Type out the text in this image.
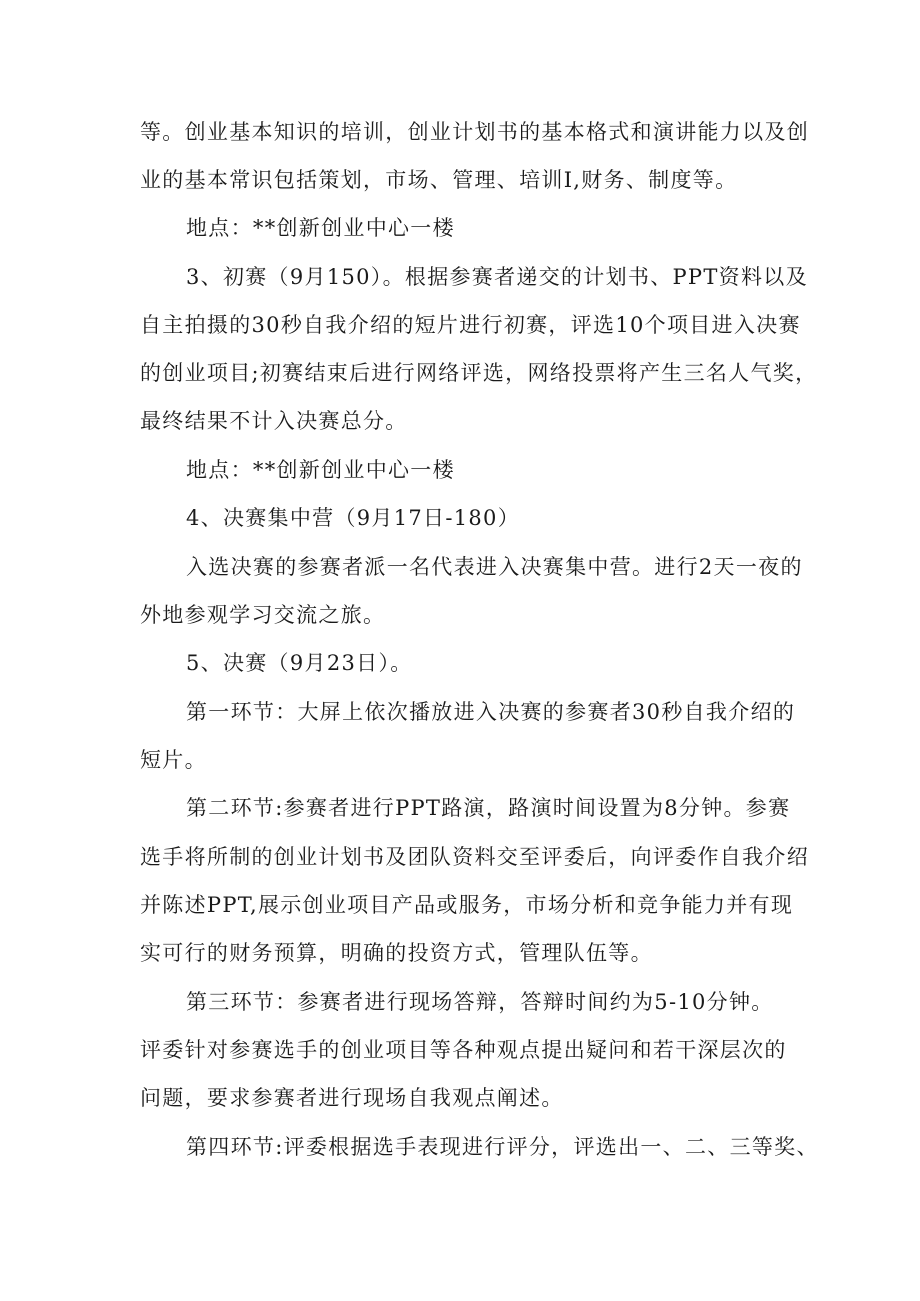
等。创业基本知识的培训，创业计划书的基本格式和演讲能力以及创
业的基本常识包括策划，市场、管理、培训I,财务、制度等。
地点：**创新创业中心一楼
3、初赛（9月150）。根据参赛者递交的计划书、PPT资料以及
自主拍摄的30秒自我介绍的短片进行初赛，评选10个项目进入决赛
的创业项目;初赛结束后进行网络评选，网络投票将产生三名人气奖，
最终结果不计入决赛总分。
地点：**创新创业中心一楼
4、决赛集中营（9月17日-180）
入选决赛的参赛者派一名代表进入决赛集中营。进行2天一夜的
外地参观学习交流之旅。
5、决赛（9月23日）。
第一环节：大屏上依次播放进入决赛的参赛者30秒自我介绍的
短片。
第二环节:参赛者进行PPT路演，路演时间设置为8分钟。参赛
选手将所制的创业计划书及团队资料交至评委后，向评委作自我介绍
并陈述PPT,展示创业项目产品或服务，市场分析和竞争能力并有现
实可行的财务预算，明确的投资方式，管理队伍等。
第三环节：参赛者进行现场答辩，答辩时间约为5-10分钟。
评委针对参赛选手的创业项目等各种观点提出疑问和若干深层次的
问题，要求参赛者进行现场自我观点阐述。
第四环节:评委根据选手表现进行评分，评选出一、二、三等奖、
